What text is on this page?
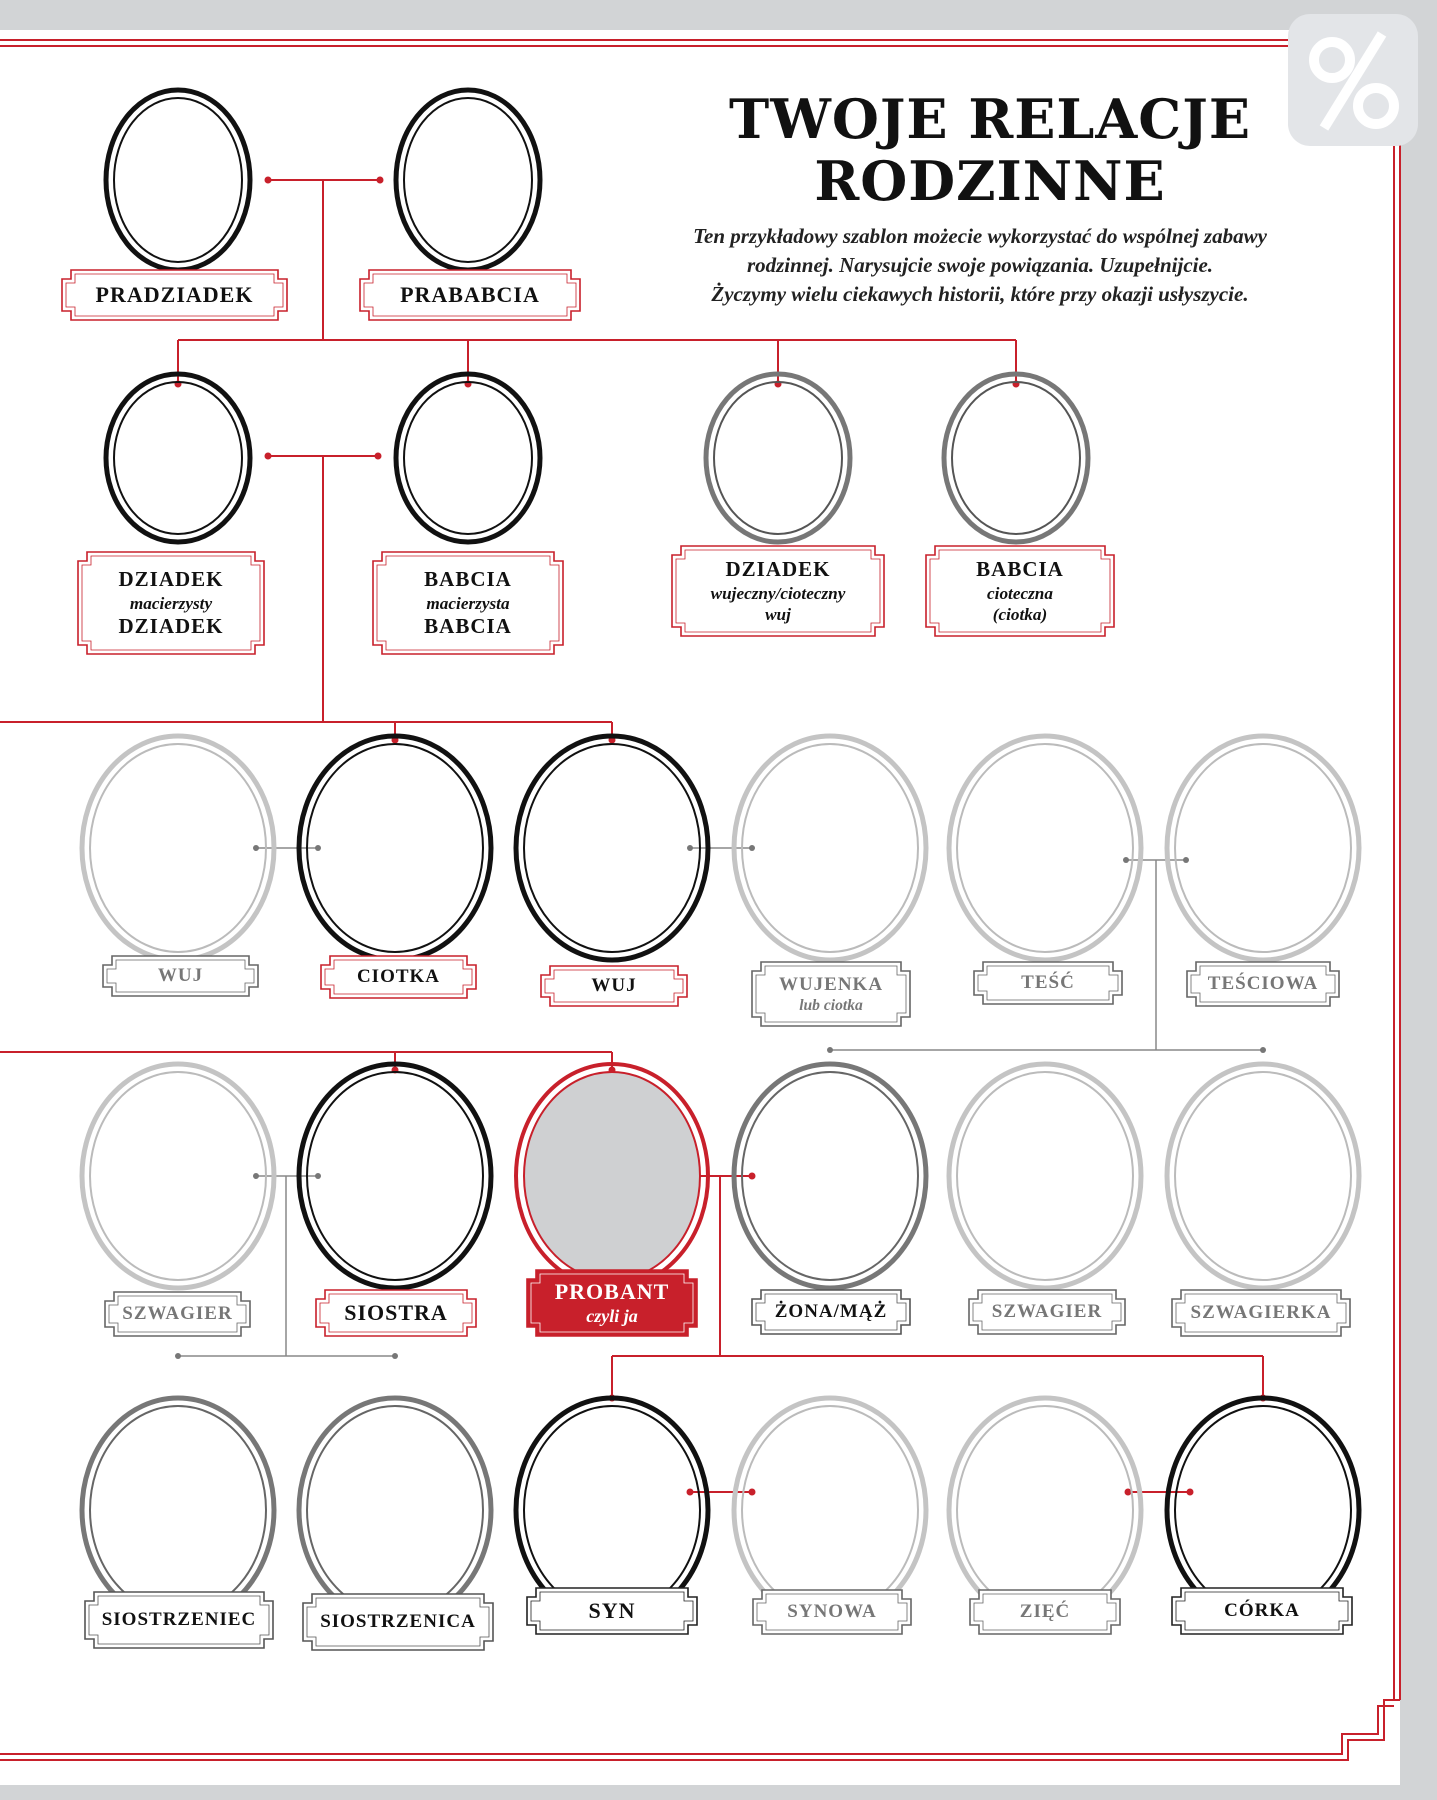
TWOJE RELACJE
RODZINNE
Ten przykładowy szablon możecie wykorzystać do wspólnej zabawy
rodzinnej. Narysujcie swoje powiązania. Uzupełnijcie.
Życzymy wielu ciekawych historii, które przy okazji usłyszycie.
PRADZIADEK	PRABABCIA
DZIADEK
macierzysty
DZIADEK
BABCIA
macierzysta
BABCIA
DZIADEK
wujeczny/cioteczny
wuj
BABCIA
cioteczna
(ciotka)
WUJ	CIOTKA	WUJ	WUJENKA
lub ciotka
TEŚĆ	TEŚCIOWA
SZWAGIER	SIOSTRA
PROBANT
czyli ja	ŻONA/MĄŻ	SZWAGIER	SZWAGIERKA
SIOSTRZENIEC	SIOSTRZENICA	SYN	SYNOWA	ZIĘĆ	CÓRKA
